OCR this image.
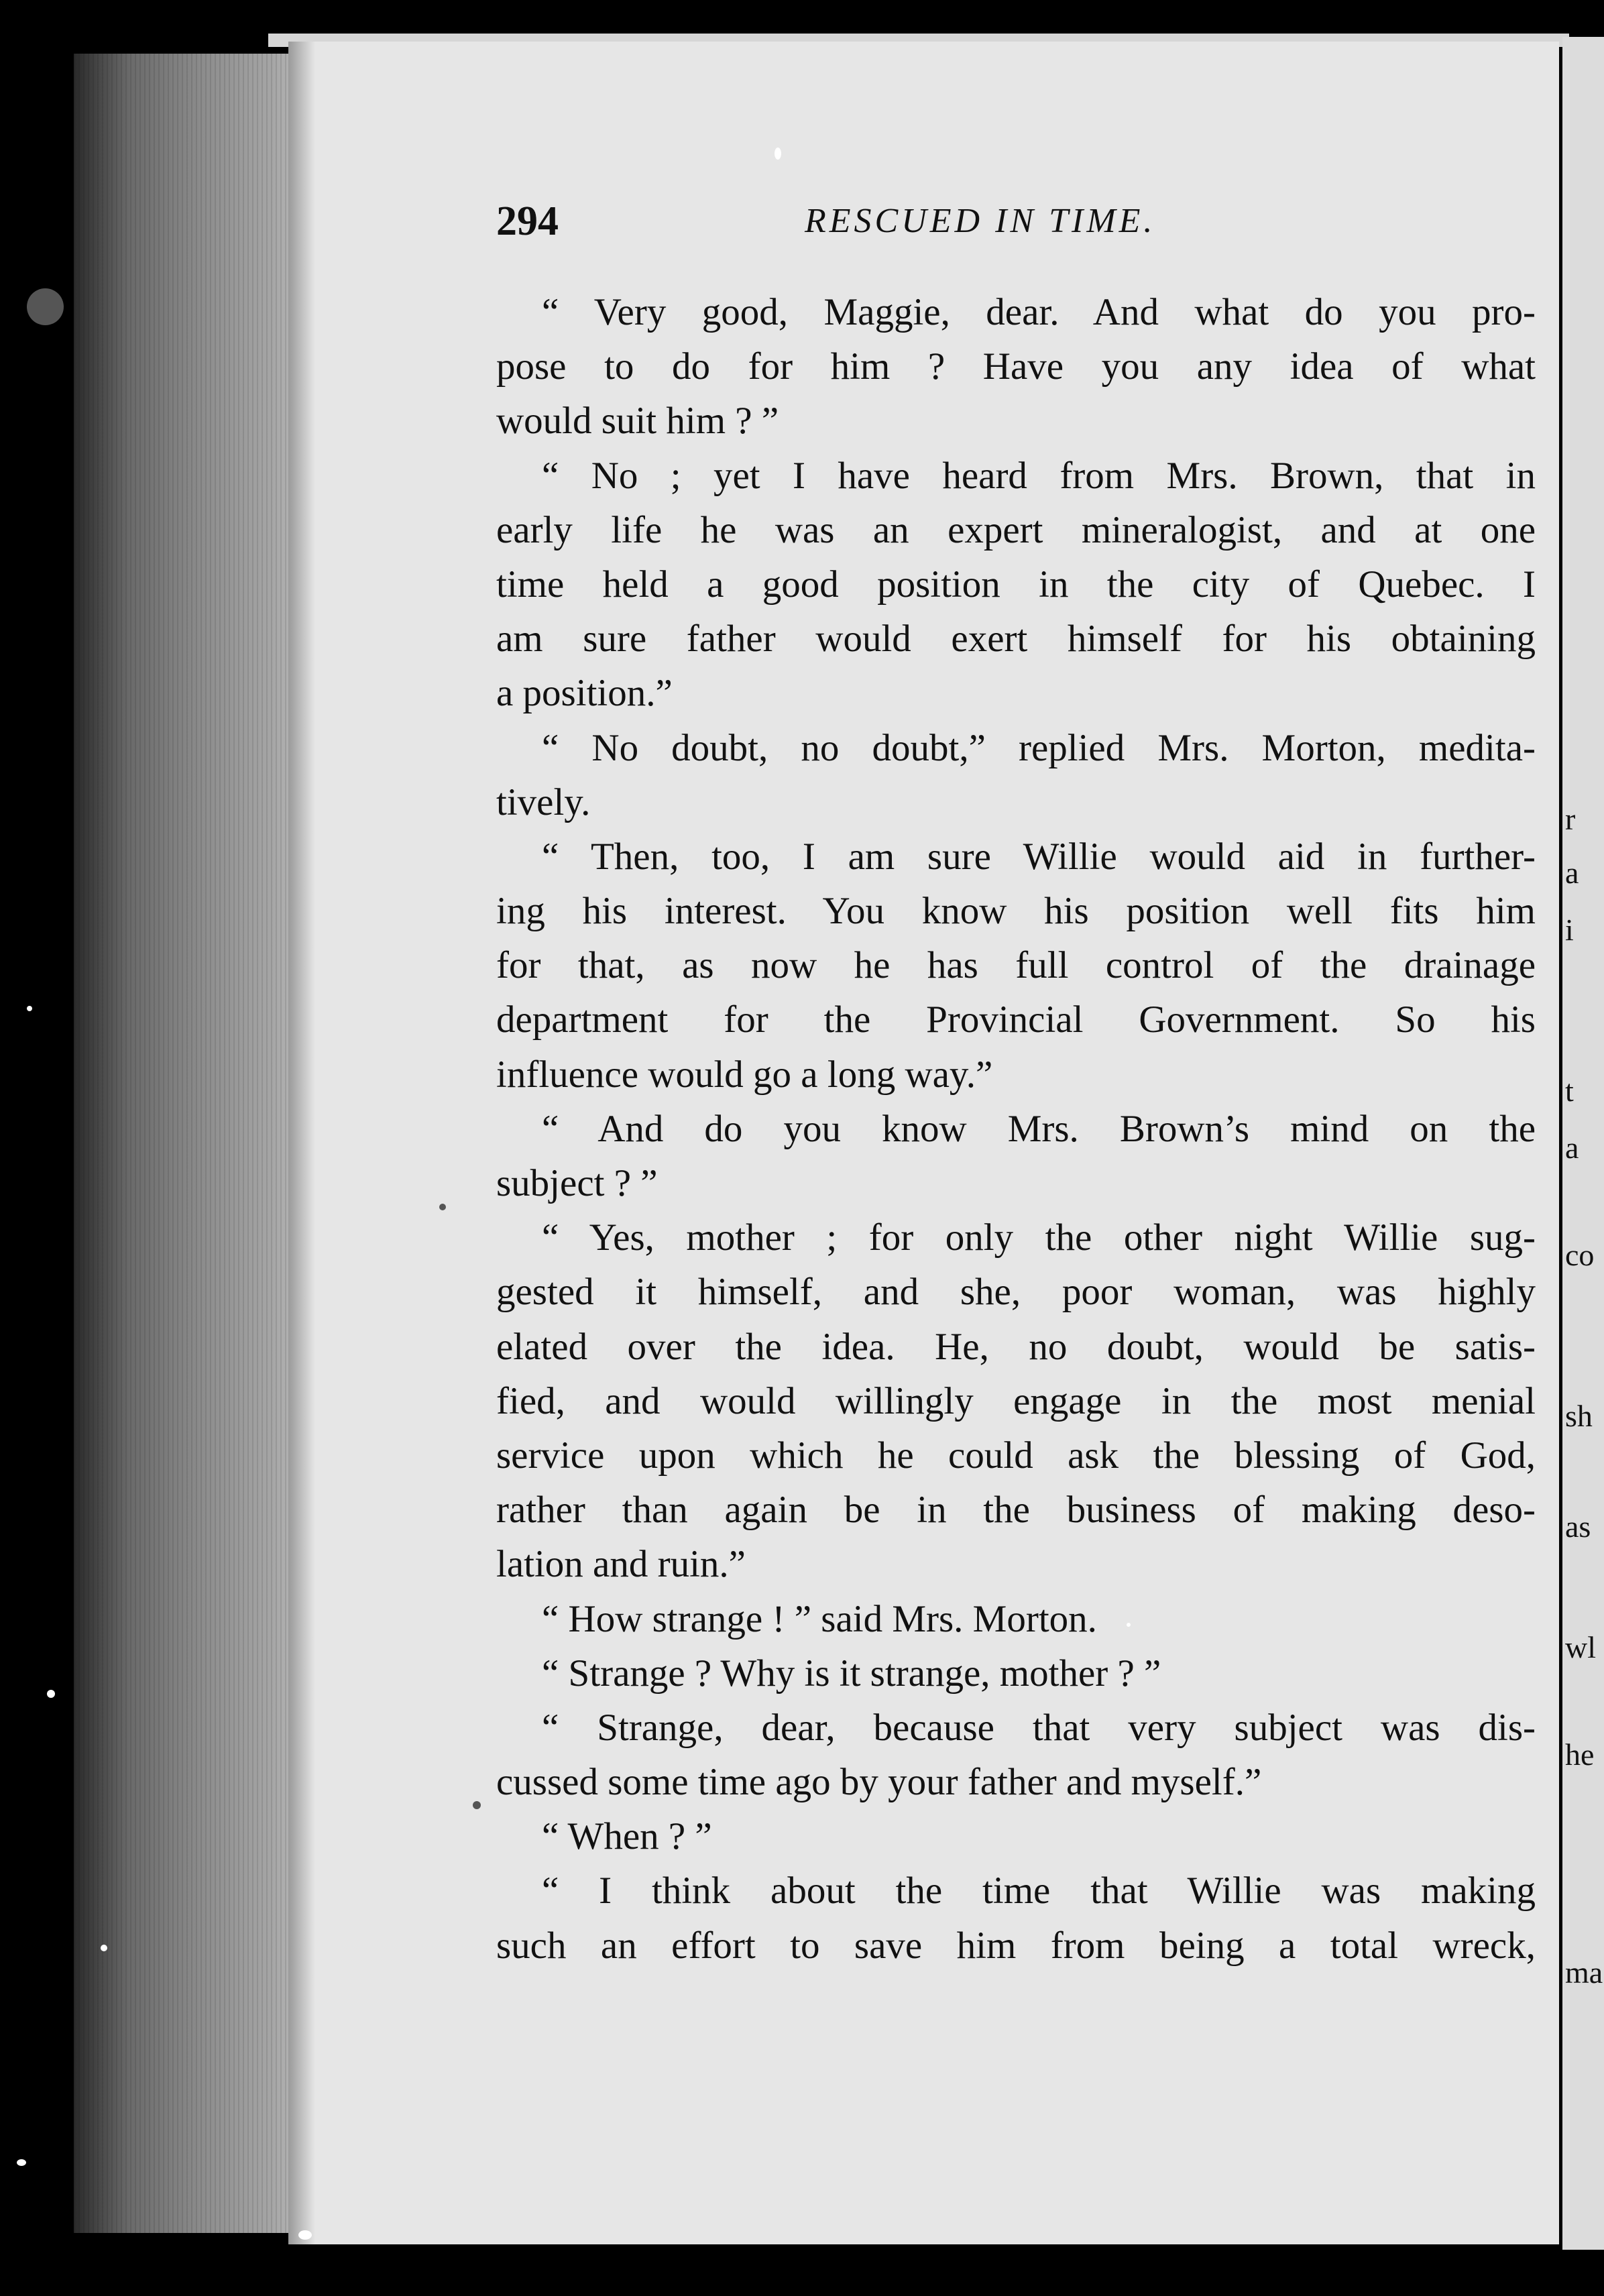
r
a
i
t
a
co
sh
as
wl
he
ma
294	RESCUED IN TIME.
“ Very good, Maggie, dear. And what do you pro-
pose to do for him ? Have you any idea of what
would suit him ? ”
“ No ; yet I have heard from Mrs. Brown, that in
early life he was an expert mineralogist, and at one
time held a good position in the city of Quebec. I
am sure father would exert himself for his obtaining
a position.”
“ No doubt, no doubt,” replied Mrs. Morton, medita-
tively.
“ Then, too, I am sure Willie would aid in further-
ing his interest. You know his position well fits him
for that, as now he has full control of the drainage
department for the Provincial Government. So his
influence would go a long way.”
“ And do you know Mrs. Brown’s mind on the
subject ? ”
“ Yes, mother ; for only the other night Willie sug-
gested it himself, and she, poor woman, was highly
elated over the idea. He, no doubt, would be satis-
fied, and would willingly engage in the most menial
service upon which he could ask the blessing of God,
rather than again be in the business of making deso-
lation and ruin.”
“ How strange ! ” said Mrs. Morton.
“ Strange ? Why is it strange, mother ? ”
“ Strange, dear, because that very subject was dis-
cussed some time ago by your father and myself.”
“ When ? ”
“ I think about the time that Willie was making
such an effort to save him from being a total wreck,
